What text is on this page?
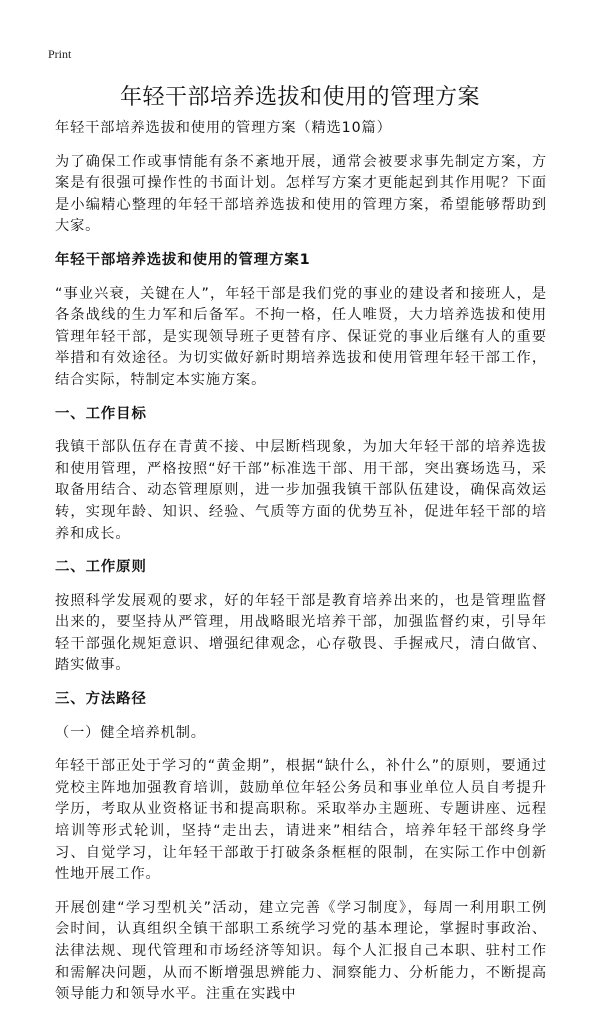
Print
年轻干部培养选拔和使用的管理方案

年轻干部培养选拔和使用的管理方案（精选10篇）

为了确保工作或事情能有条不紊地开展，通常会被要求事先制定方案，方案是有很强可操作性的书面计划。怎样写方案才更能起到其作用呢？下面是小编精心整理的年轻干部培养选拔和使用的管理方案，希望能够帮助到大家。

年轻干部培养选拔和使用的管理方案1

“事业兴衰，关键在人”，年轻干部是我们党的事业的建设者和接班人，是各条战线的生力军和后备军。不拘一格，任人唯贤，大力培养选拔和使用管理年轻干部，是实现领导班子更替有序、保证党的事业后继有人的重要举措和有效途径。为切实做好新时期培养选拔和使用管理年轻干部工作，结合实际，特制定本实施方案。

一、工作目标

我镇干部队伍存在青黄不接、中层断档现象，为加大年轻干部的培养选拔和使用管理，严格按照“好干部”标准选干部、用干部，突出赛场选马，采取备用结合、动态管理原则，进一步加强我镇干部队伍建设，确保高效运转，实现年龄、知识、经验、气质等方面的优势互补，促进年轻干部的培养和成长。

二、工作原则

按照科学发展观的要求，好的年轻干部是教育培养出来的，也是管理监督出来的，要坚持从严管理，用战略眼光培养干部，加强监督约束，引导年轻干部强化规矩意识、增强纪律观念，心存敬畏、手握戒尺，清白做官、踏实做事。

三、方法路径

（一）健全培养机制。

年轻干部正处于学习的“黄金期”，根据“缺什么，补什么”的原则，要通过党校主阵地加强教育培训，鼓励单位年轻公务员和事业单位人员自考提升学历，考取从业资格证书和提高职称。采取举办主题班、专题讲座、远程培训等形式轮训，坚持“走出去，请进来”相结合，培养年轻干部终身学习、自觉学习，让年轻干部敢于打破条条框框的限制，在实际工作中创新性地开展工作。

开展创建“学习型机关”活动，建立完善《学习制度》，每周一利用职工例会时间，认真组织全镇干部职工系统学习党的基本理论，掌握时事政治、法律法规、现代管理和市场经济等知识。每个人汇报自己本职、驻村工作和需解决问题，从而不断增强思辨能力、洞察能力、分析能力，不断提高领导能力和领导水平。注重在实践中
